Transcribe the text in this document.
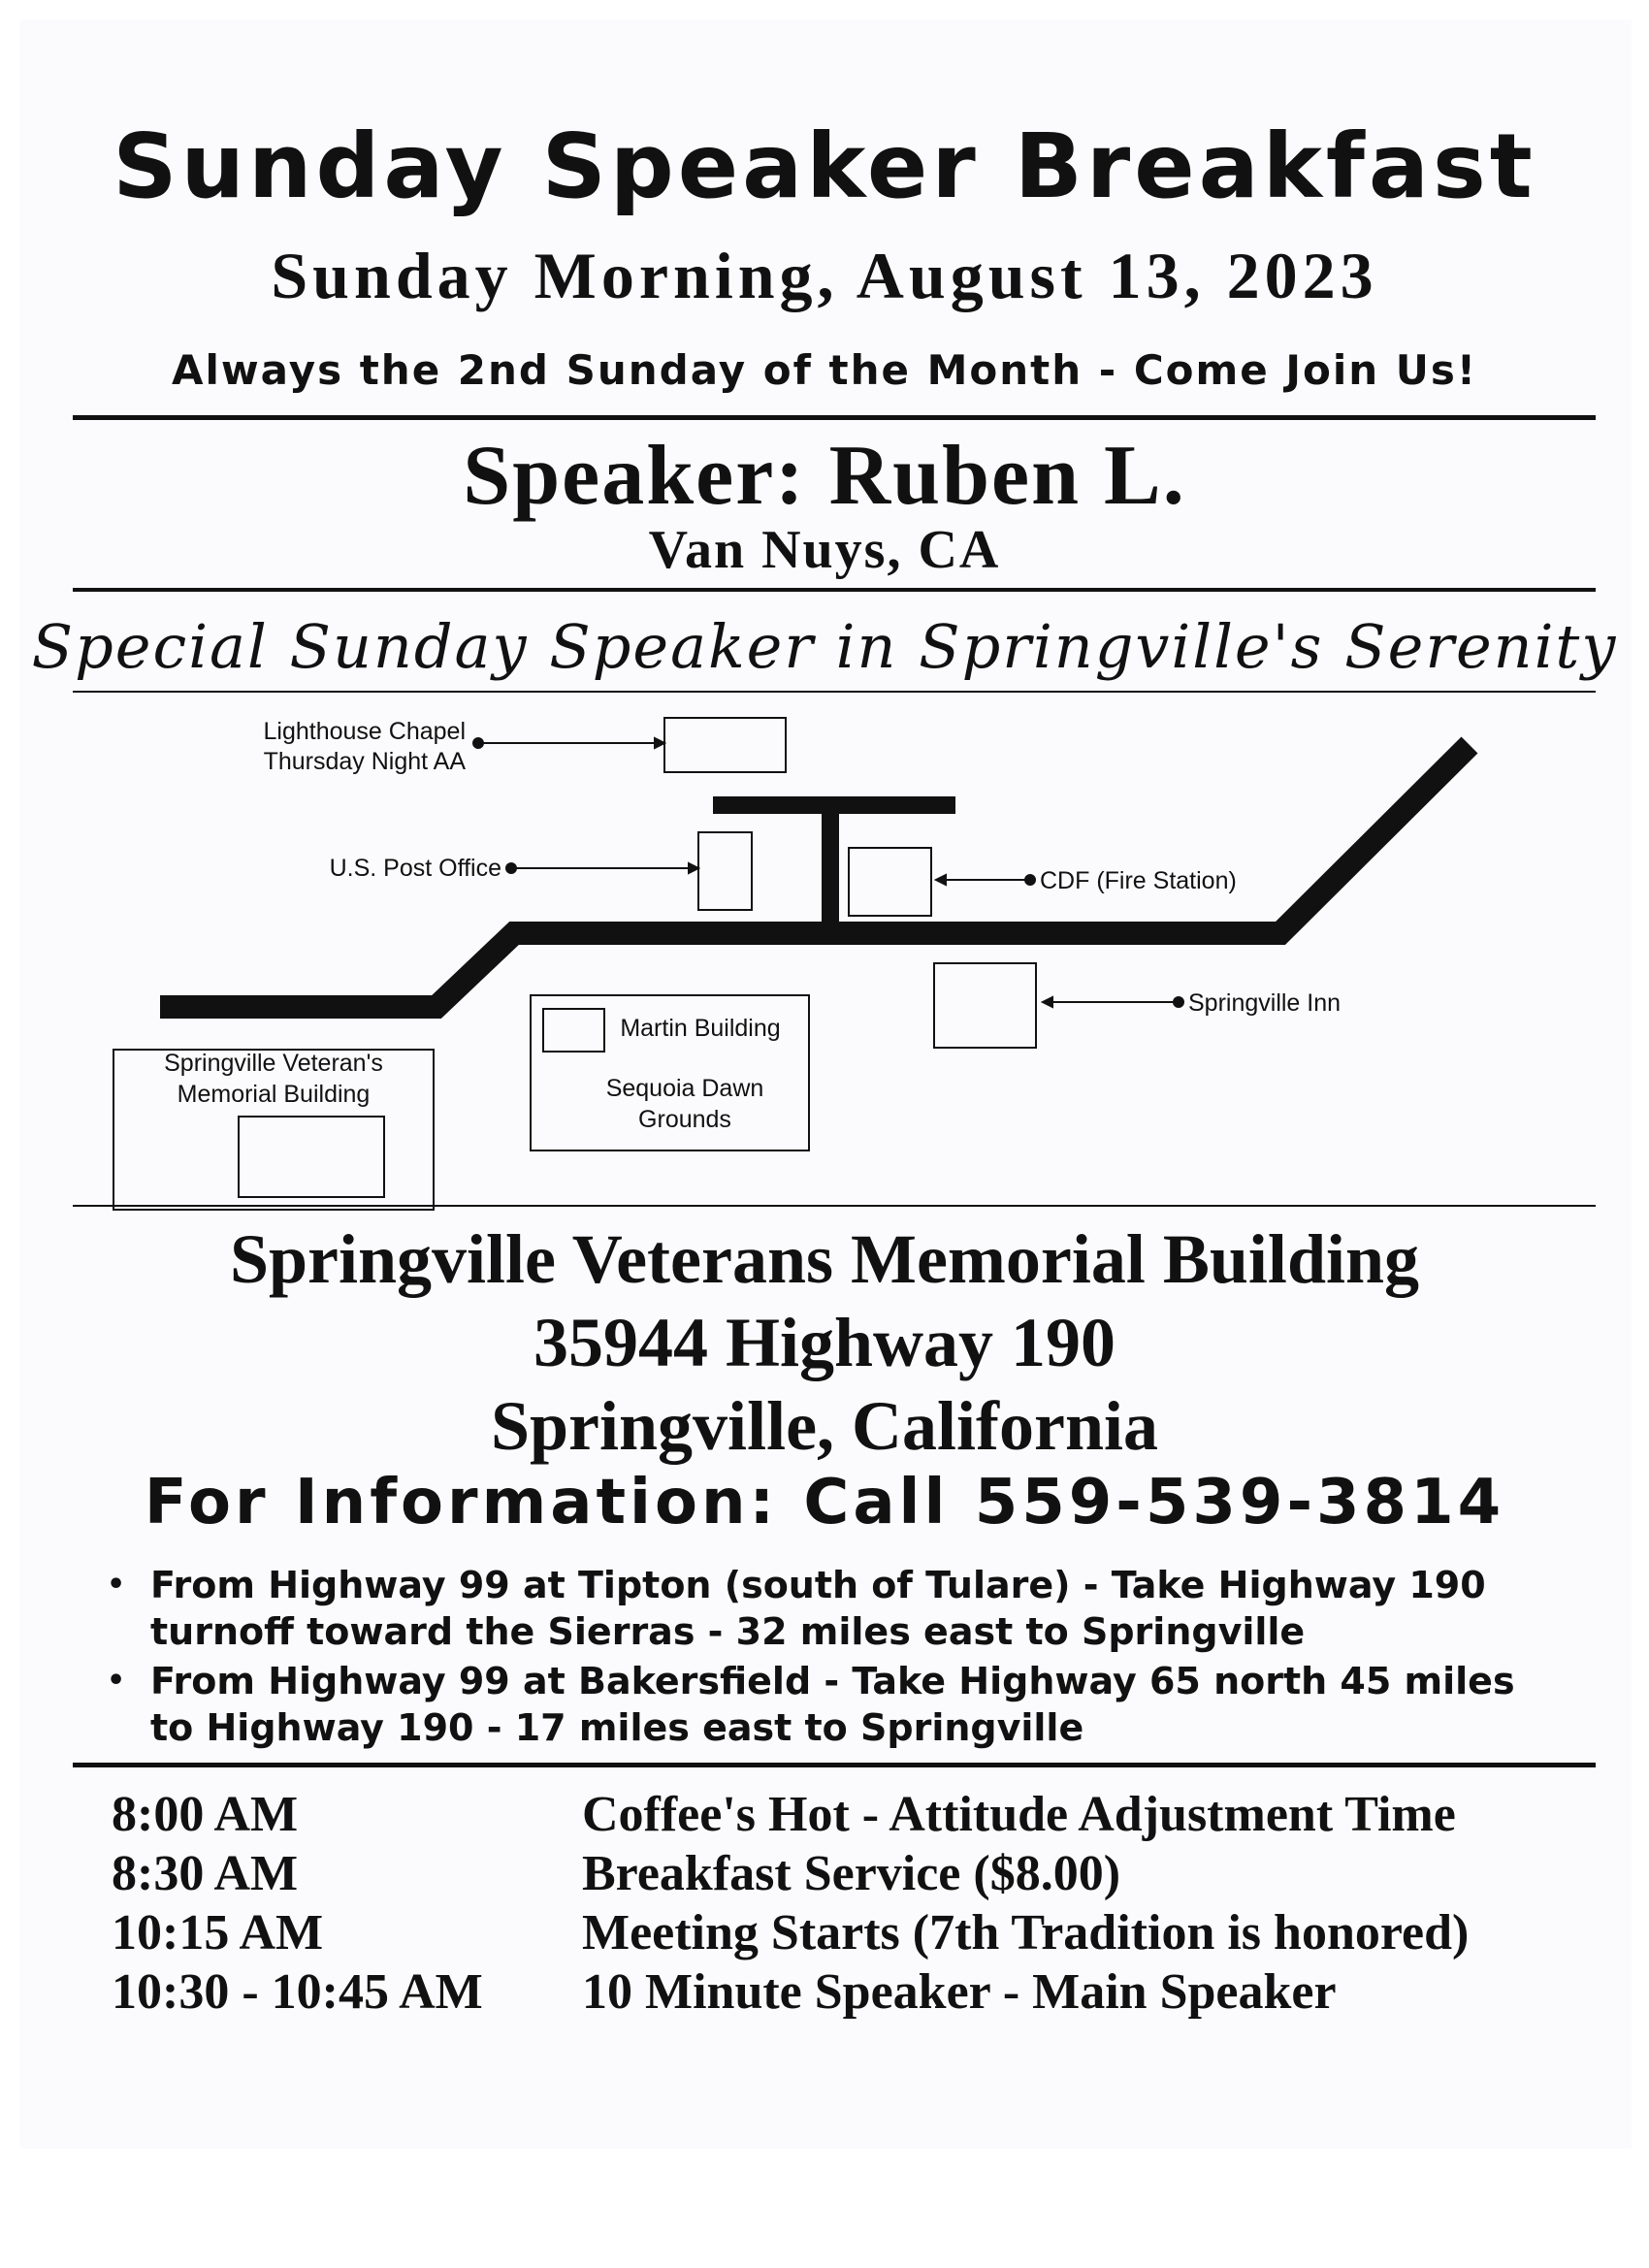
Sunday Speaker Breakfast
Sunday Morning, August 13, 2023
Always the 2nd Sunday of the Month - Come Join Us!
Speaker: Ruben L.
Van Nuys, CA
Special Sunday Speaker in Springville's Serenity
Lighthouse Chapel
Thursday Night AA
U.S. Post Office	CDF (Fire Station)
Springville Inn
Springville Veteran's
Memorial Building
Martin Building
Sequoia Dawn
Grounds
Springville Veterans Memorial Building
35944 Highway 190
Springville, California
For Information: Call 559-539-3814
• From Highway 99 at Tipton (south of Tulare) - Take Highway 190 turnoff toward the Sierras - 32 miles east to Springville
• From Highway 99 at Bakersfield - Take Highway 65 north 45 miles to Highway 190 - 17 miles east to Springville
8:00 AM	Coffee's Hot - Attitude Adjustment Time
8:30 AM	Breakfast Service ($8.00)
10:15 AM	Meeting Starts (7th Tradition is honored)
10:30 - 10:45 AM	10 Minute Speaker - Main Speaker
